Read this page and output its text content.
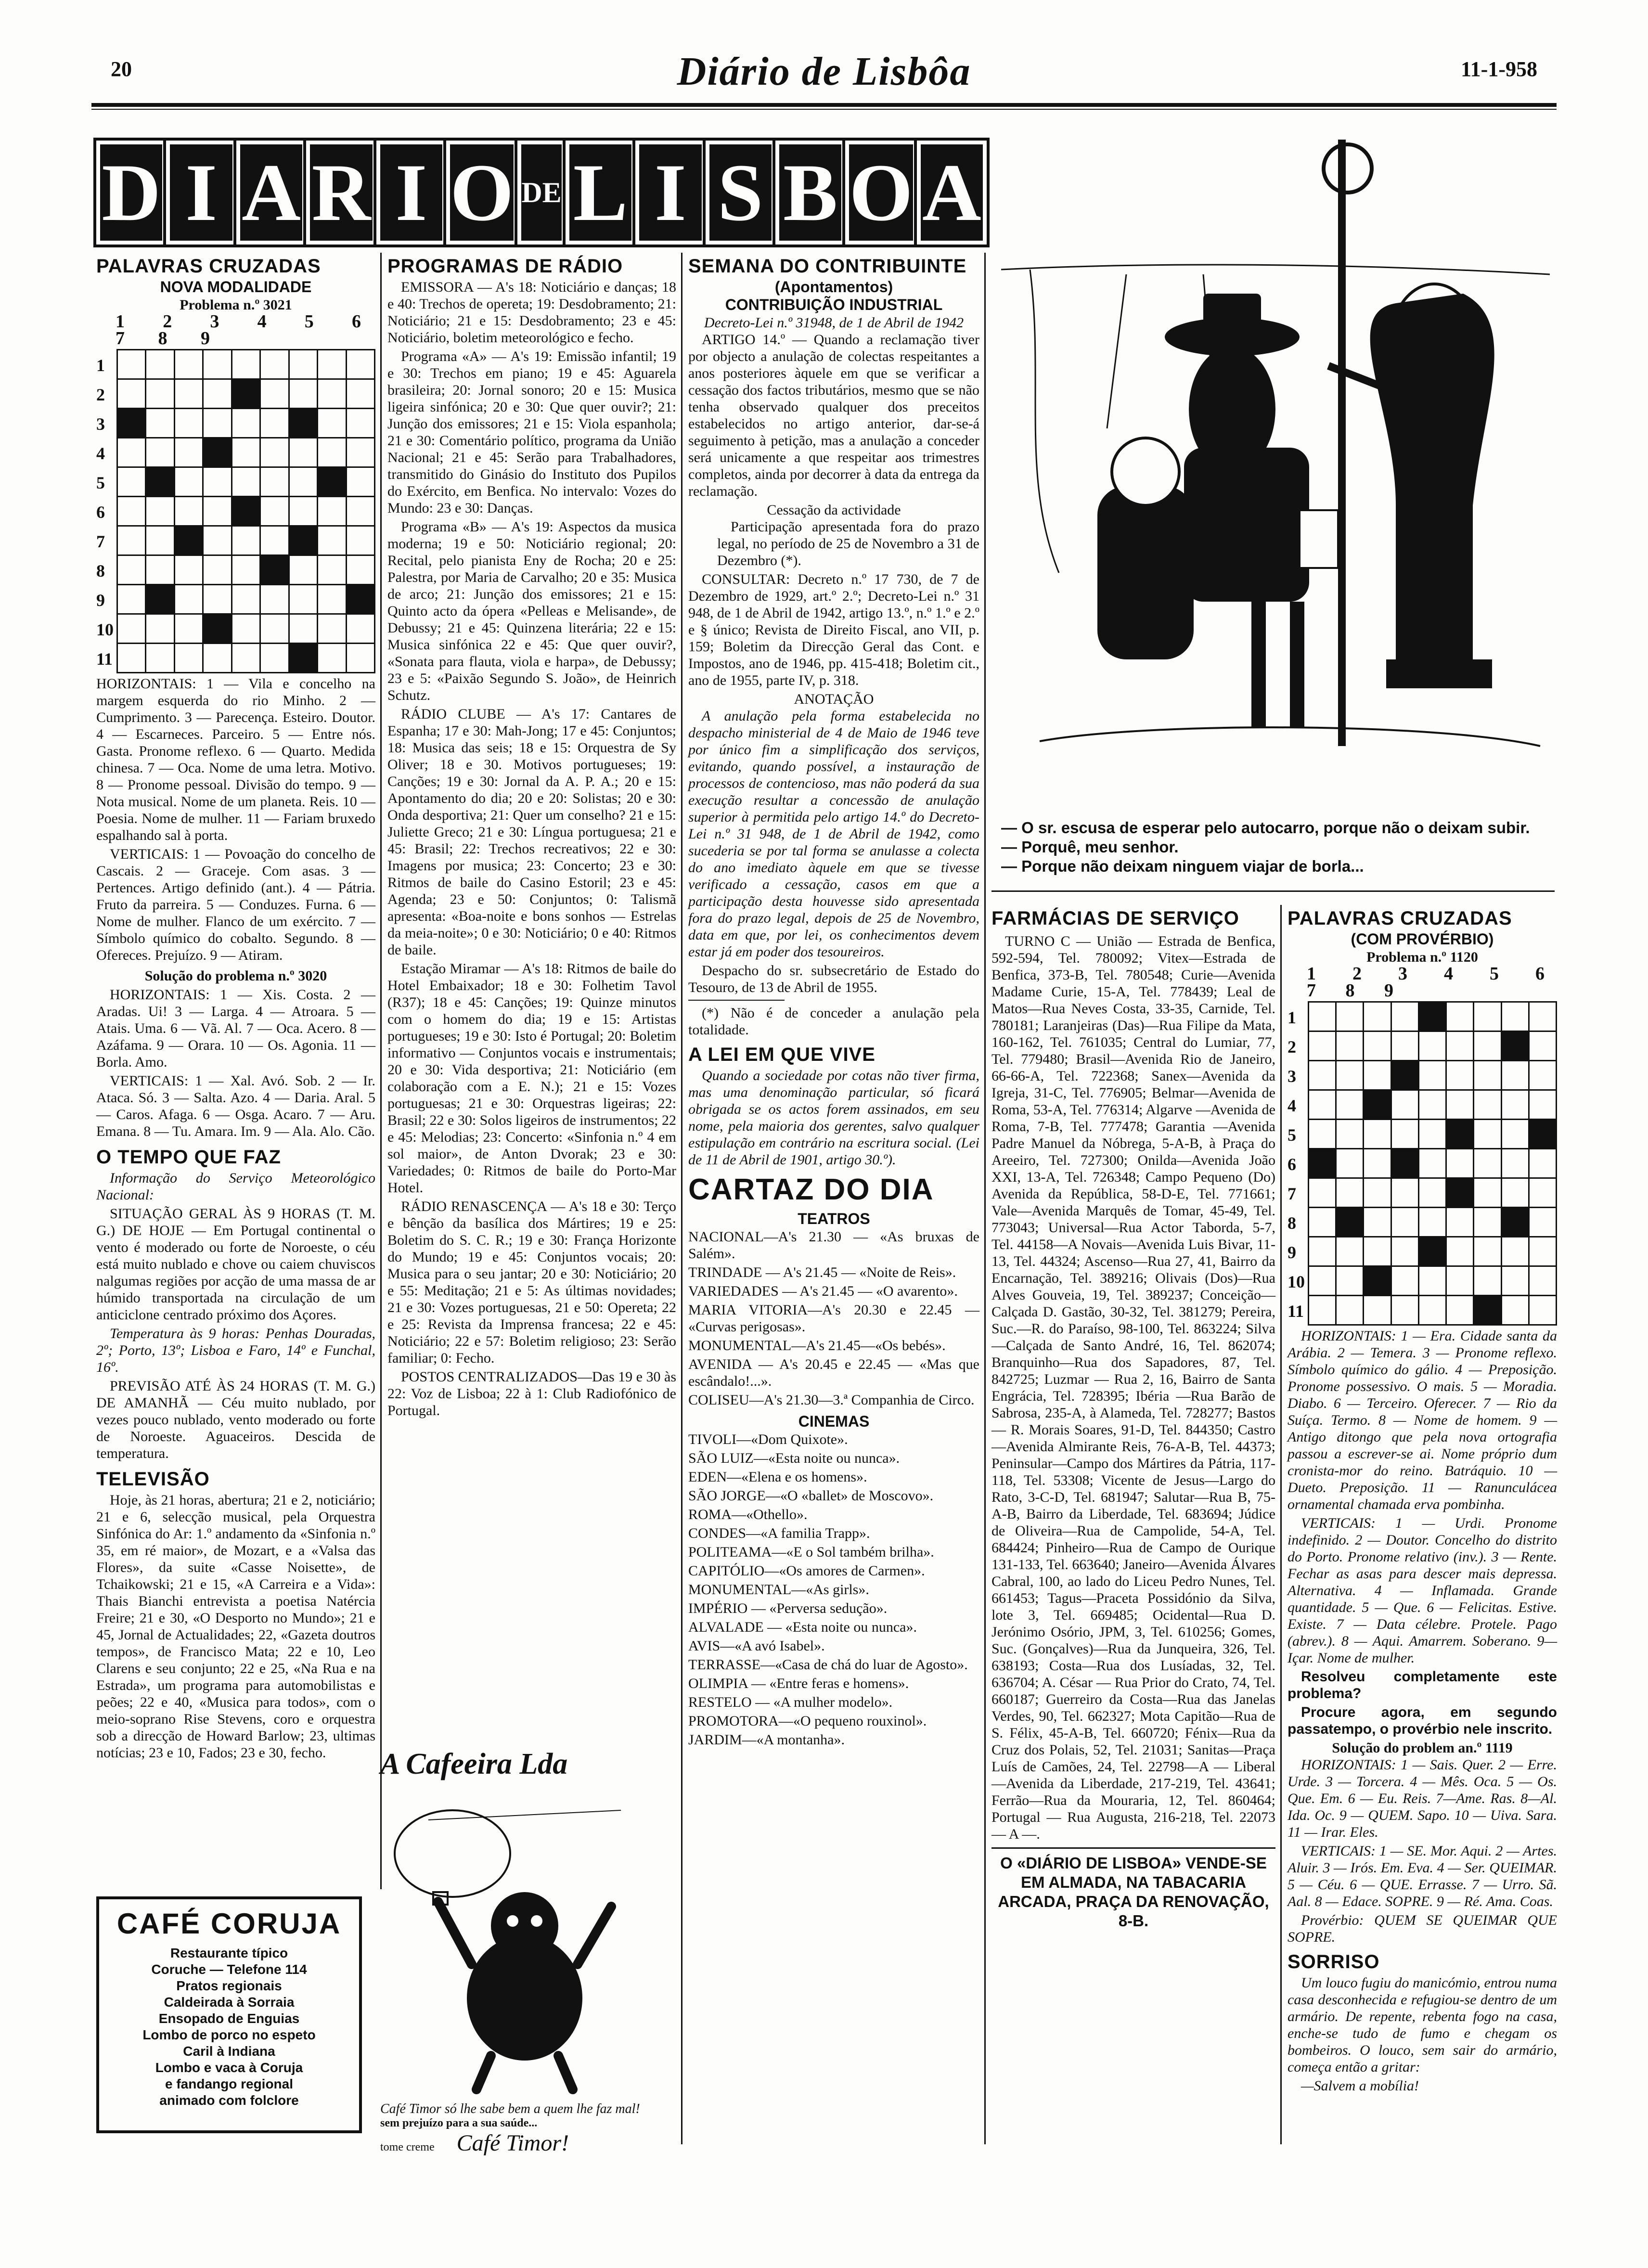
20	Diário de Lisbôa	11-1-958
D I A R I O DE L I S B O A
PALAVRAS CRUZADAS
NOVA MODALIDADE
Problema n.º 3021
1 2 3 4 5 6 7 8 9
1
2
3
4
5
6
7
8
9
10
11

HORIZONTAIS: 1 — Vila e concelho na margem esquerda do rio Minho. 2 — Cumprimento. 3 — Parecença. Esteiro. Doutor. 4 — Escarneces. Parceiro. 5 — Entre nós. Gasta. Pronome reflexo. 6 — Quarto. Medida chinesa. 7 — Oca. Nome de uma letra. Motivo. 8 — Pronome pessoal. Divisão do tempo. 9 — Nota musical. Nome de um planeta. Reis. 10 — Poesia. Nome de mulher. 11 — Fariam bruxedo espalhando sal à porta.

VERTICAIS: 1 — Povoação do concelho de Cascais. 2 — Graceje. Com asas. 3 — Pertences. Artigo definido (ant.). 4 — Pátria. Fruto da parreira. 5 — Conduzes. Furna. 6 — Nome de mulher. Flanco de um exército. 7 — Símbolo químico do cobalto. Segundo. 8 — Ofereces. Prejuízo. 9 — Atiram.

Solução do problema n.º 3020

HORIZONTAIS: 1 — Xis. Costa. 2 — Aradas. Ui! 3 — Larga. 4 — Atroara. 5 — Atais. Uma. 6 — Vã. Al. 7 — Oca. Acero. 8 — Azáfama. 9 — Orara. 10 — Os. Agonia. 11 — Borla. Amo.

VERTICAIS: 1 — Xal. Avó. Sob. 2 — Ir. Ataca. Só. 3 — Salta. Azo. 4 — Daria. Aral. 5 — Caros. Afaga. 6 — Osga. Acaro. 7 — Aru. Emana. 8 — Tu. Amara. Im. 9 — Ala. Alo. Cão.

O TEMPO QUE FAZ

Informação do Serviço Meteorológico Nacional:

SITUAÇÃO GERAL ÀS 9 HORAS (T. M. G.) DE HOJE — Em Portugal continental o vento é moderado ou forte de Noroeste, o céu está muito nublado e chove ou caiem chuviscos nalgumas regiões por acção de uma massa de ar húmido transportada na circulação de um anticiclone centrado próximo dos Açores.

Temperatura às 9 horas: Penhas Douradas, 2º; Porto, 13º; Lisboa e Faro, 14º e Funchal, 16º.

PREVISÃO ATÉ ÀS 24 HORAS (T. M. G.) DE AMANHÃ — Céu muito nublado, por vezes pouco nublado, vento moderado ou forte de Noroeste. Aguaceiros. Descida de temperatura.

TELEVISÃO

Hoje, às 21 horas, abertura; 21 e 2, noticiário; 21 e 6, selecção musical, pela Orquestra Sinfónica do Ar: 1.º andamento da «Sinfonia n.º 35, em ré maior», de Mozart, e a «Valsa das Flores», da suite «Casse Noisette», de Tchaikowski; 21 e 15, «A Carreira e a Vida»: Thais Bianchi entrevista a poetisa Natércia Freire; 21 e 30, «O Desporto no Mundo»; 21 e 45, Jornal de Actualidades; 22, «Gazeta doutros tempos», de Francisco Mata; 22 e 10, Leo Clarens e seu conjunto; 22 e 25, «Na Rua e na Estrada», um programa para automobilistas e peões; 22 e 40, «Musica para todos», com o meio-soprano Rise Stevens, coro e orquestra sob a direcção de Howard Barlow; 23, ultimas notícias; 23 e 10, Fados; 23 e 30, fecho.

CAFÉ CORUJA
Restaurante típico
Coruche — Telefone 114
Pratos regionais
Caldeirada à Sorraia
Ensopado de Enguias
Lombo de porco no espeto
Caril à Indiana
Lombo e vaca à Coruja
e fandango regional
animado com folclore
PROGRAMAS DE RÁDIO

EMISSORA — A's 18: Noticiário e danças; 18 e 40: Trechos de opereta; 19: Desdobramento; 21: Noticiário; 21 e 15: Desdobramento; 23 e 45: Noticiário, boletim meteorológico e fecho.

Programa «A» — A's 19: Emissão infantil; 19 e 30: Trechos em piano; 19 e 45: Aguarela brasileira; 20: Jornal sonoro; 20 e 15: Musica ligeira sinfónica; 20 e 30: Que quer ouvir?; 21: Junção dos emissores; 21 e 15: Viola espanhola; 21 e 30: Comentário político, programa da União Nacional; 21 e 45: Serão para Trabalhadores, transmitido do Ginásio do Instituto dos Pupilos do Exército, em Benfica. No intervalo: Vozes do Mundo: 23 e 30: Danças.

Programa «B» — A's 19: Aspectos da musica moderna; 19 e 50: Noticiário regional; 20: Recital, pelo pianista Eny de Rocha; 20 e 25: Palestra, por Maria de Carvalho; 20 e 35: Musica de arco; 21: Junção dos emissores; 21 e 15: Quinto acto da ópera «Pelleas e Melisande», de Debussy; 21 e 45: Quinzena literária; 22 e 15: Musica sinfónica 22 e 45: Que quer ouvir?, «Sonata para flauta, viola e harpa», de Debussy; 23 e 5: «Paixão Segundo S. João», de Heinrich Schutz.

RÁDIO CLUBE — A's 17: Cantares de Espanha; 17 e 30: Mah-Jong; 17 e 45: Conjuntos; 18: Musica das seis; 18 e 15: Orquestra de Sy Oliver; 18 e 30. Motivos portugueses; 19: Canções; 19 e 30: Jornal da A. P. A.; 20 e 15: Apontamento do dia; 20 e 20: Solistas; 20 e 30: Onda desportiva; 21: Quer um conselho? 21 e 15: Juliette Greco; 21 e 30: Língua portuguesa; 21 e 45: Brasil; 22: Trechos recreativos; 22 e 30: Imagens por musica; 23: Concerto; 23 e 30: Ritmos de baile do Casino Estoril; 23 e 45: Agenda; 23 e 50: Conjuntos; 0: Talismã apresenta: «Boa-noite e bons sonhos — Estrelas da meia-noite»; 0 e 30: Noticiário; 0 e 40: Ritmos de baile.

Estação Miramar — A's 18: Ritmos de baile do Hotel Embaixador; 18 e 30: Folhetim Tavol (R37); 18 e 45: Canções; 19: Quinze minutos com o homem do dia; 19 e 15: Artistas portugueses; 19 e 30: Isto é Portugal; 20: Boletim informativo — Conjuntos vocais e instrumentais; 20 e 30: Vida desportiva; 21: Noticiário (em colaboração com a E. N.); 21 e 15: Vozes portuguesas; 21 e 30: Orquestras ligeiras; 22: Brasil; 22 e 30: Solos ligeiros de instrumentos; 22 e 45: Melodias; 23: Concerto: «Sinfonia n.º 4 em sol maior», de Anton Dvorak; 23 e 30: Variedades; 0: Ritmos de baile do Porto-Mar Hotel.

RÁDIO RENASCENÇA — A's 18 e 30: Terço e bênção da basílica dos Mártires; 19 e 25: Boletim do S. C. R.; 19 e 30: França Horizonte do Mundo; 19 e 45: Conjuntos vocais; 20: Musica para o seu jantar; 20 e 30: Noticiário; 20 e 55: Meditação; 21 e 5: As últimas novidades; 21 e 30: Vozes portuguesas, 21 e 50: Opereta; 22 e 25: Revista da Imprensa francesa; 22 e 45: Noticiário; 22 e 57: Boletim religioso; 23: Serão familiar; 0: Fecho.

POSTOS CENTRALIZADOS—Das 19 e 30 às 22: Voz de Lisboa; 22 à 1: Club Radiofónico de Portugal.

A Cafeeira Lda
Café Timor só lhe sabe bem a quem lhe faz mal!
sem prejuízo para a sua saúde...
tome creme Café Timor!
SEMANA DO CONTRIBUINTE
(Apontamentos)
CONTRIBUIÇÃO INDUSTRIAL
Decreto-Lei n.º 31948, de 1 de Abril de 1942

ARTIGO 14.º — Quando a reclamação tiver por objecto a anulação de colectas respeitantes a anos posteriores àquele em que se verificar a cessação dos factos tributários, mesmo que se não tenha observado qualquer dos preceitos estabelecidos no artigo anterior, dar-se-á seguimento à petição, mas a anulação a conceder será unicamente a que respeitar aos trimestres completos, ainda por decorrer à data da entrega da reclamação.

Cessação da actividade

Participação apresentada fora do prazo legal, no período de 25 de Novembro a 31 de Dezembro (*).

CONSULTAR: Decreto n.º 17 730, de 7 de Dezembro de 1929, art.º 2.º; Decreto-Lei n.º 31 948, de 1 de Abril de 1942, artigo 13.º, n.º 1.º e 2.º e § único; Revista de Direito Fiscal, ano VII, p. 159; Boletim da Direcção Geral das Cont. e Impostos, ano de 1946, pp. 415-418; Boletim cit., ano de 1955, parte IV, p. 318.

ANOTAÇÃO

A anulação pela forma estabelecida no despacho ministerial de 4 de Maio de 1946 teve por único fim a simplificação dos serviços, evitando, quando possível, a instauração de processos de contencioso, mas não poderá da sua execução resultar a concessão de anulação superior à permitida pelo artigo 14.º do Decreto-Lei n.º 31 948, de 1 de Abril de 1942, como sucederia se por tal forma se anulasse a colecta do ano imediato àquele em que se tivesse verificado a cessação, casos em que a participação desta houvesse sido apresentada fora do prazo legal, depois de 25 de Novembro, data em que, por lei, os conhecimentos devem estar já em poder dos tesoureiros.

Despacho do sr. subsecretário de Estado do Tesouro, de 13 de Abril de 1955.

(*) Não é de conceder a anulação pela totalidade.

A LEI EM QUE VIVE

Quando a sociedade por cotas não tiver firma, mas uma denominação particular, só ficará obrigada se os actos forem assinados, em seu nome, pela maioria dos gerentes, salvo qualquer estipulação em contrário na escritura social. (Lei de 11 de Abril de 1901, artigo 30.º).

CARTAZ DO DIA
TEATROS

NACIONAL—A's 21.30 — «As bruxas de Salém».

TRINDADE — A's 21.45 — «Noite de Reis».

VARIEDADES — A's 21.45 — «O avarento».

MARIA VITORIA—A's 20.30 e 22.45 — «Curvas perigosas».

MONUMENTAL—A's 21.45—«Os bebés».

AVENIDA — A's 20.45 e 22.45 — «Mas que escândalo!...».

COLISEU—A's 21.30—3.ª Companhia de Circo.

CINEMAS

TIVOLI—«Dom Quixote».

SÃO LUIZ—«Esta noite ou nunca».

EDEN—«Elena e os homens».

SÃO JORGE—«O «ballet» de Moscovo».

ROMA—«Othello».

CONDES—«A familia Trapp».

POLITEAMA—«E o Sol também brilha».

CAPITÓLIO—«Os amores de Carmen».

MONUMENTAL—«As girls».

IMPÉRIO — «Perversa sedução».

ALVALADE — «Esta noite ou nunca».

AVIS—«A avó Isabel».

TERRASSE—«Casa de chá do luar de Agosto».

OLIMPIA — «Entre feras e homens».

RESTELO — «A mulher modelo».

PROMOTORA—«O pequeno rouxinol».

JARDIM—«A montanha».

— O sr. escusa de esperar pelo autocarro, porque não o deixam subir.
— Porquê, meu senhor.
— Porque não deixam ninguem viajar de borla...
FARMÁCIAS DE SERVIÇO

TURNO C — União — Estrada de Benfica, 592-594, Tel. 780092; Vitex—Estrada de Benfica, 373-B, Tel. 780548; Curie—Avenida Madame Curie, 15-A, Tel. 778439; Leal de Matos—Rua Neves Costa, 33-35, Carnide, Tel. 780181; Laranjeiras (Das)—Rua Filipe da Mata, 160-162, Tel. 761035; Central do Lumiar, 77, Tel. 779480; Brasil—Avenida Rio de Janeiro, 66-66-A, Tel. 722368; Sanex—Avenida da Igreja, 31-C, Tel. 776905; Belmar—Avenida de Roma, 53-A, Tel. 776314; Algarve —Avenida de Roma, 7-B, Tel. 777478; Garantia —Avenida Padre Manuel da Nóbrega, 5-A-B, à Praça do Areeiro, Tel. 727300; Onilda—Avenida João XXI, 13-A, Tel. 726348; Campo Pequeno (Do) Avenida da República, 58-D-E, Tel. 771661; Vale—Avenida Marquês de Tomar, 45-49, Tel. 773043; Universal—Rua Actor Taborda, 5-7, Tel. 44158—A Novais—Avenida Luis Bivar, 11-13, Tel. 44324; Ascenso—Rua 27, 41, Bairro da Encarnação, Tel. 389216; Olivais (Dos)—Rua Alves Gouveia, 19, Tel. 389237; Conceição—Calçada D. Gastão, 30-32, Tel. 381279; Pereira, Suc.—R. do Paraíso, 98-100, Tel. 863224; Silva—Calçada de Santo André, 16, Tel. 862074; Branquinho—Rua dos Sapadores, 87, Tel. 842725; Luzmar — Rua 2, 16, Bairro de Santa Engrácia, Tel. 728395; Ibéria —Rua Barão de Sabrosa, 235-A, à Alameda, Tel. 728277; Bastos — R. Morais Soares, 91-D, Tel. 844350; Castro—Avenida Almirante Reis, 76-A-B, Tel. 44373; Peninsular—Campo dos Mártires da Pátria, 117-118, Tel. 53308; Vicente de Jesus—Largo do Rato, 3-C-D, Tel. 681947; Salutar—Rua B, 75-A-B, Bairro da Liberdade, Tel. 683694; Júdice de Oliveira—Rua de Campolide, 54-A, Tel. 684424; Pinheiro—Rua de Campo de Ourique 131-133, Tel. 663640; Janeiro—Avenida Álvares Cabral, 100, ao lado do Liceu Pedro Nunes, Tel. 661453; Tagus—Praceta Possidónio da Silva, lote 3, Tel. 669485; Ocidental—Rua D. Jerónimo Osório, JPM, 3, Tel. 610256; Gomes, Suc. (Gonçalves)—Rua da Junqueira, 326, Tel. 638193; Costa—Rua dos Lusíadas, 32, Tel. 636704; A. César — Rua Prior do Crato, 74, Tel. 660187; Guerreiro da Costa—Rua das Janelas Verdes, 90, Tel. 662327; Mota Capitão—Rua de S. Félix, 45-A-B, Tel. 660720; Fénix—Rua da Cruz dos Polais, 52, Tel. 21031; Sanitas—Praça Luís de Camões, 24, Tel. 22798—A — Liberal—Avenida da Liberdade, 217-219, Tel. 43641; Ferrão—Rua da Mouraria, 12, Tel. 860464; Portugal — Rua Augusta, 216-218, Tel. 22073 — A —.

O «DIÁRIO DE LISBOA» VENDE-SE EM ALMADA, NA TABACARIA ARCADA, PRAÇA DA RENOVAÇÃO, 8-B.

PALAVRAS CRUZADAS
(COM PROVÉRBIO)
Problema n.º 1120
1 2 3 4 5 6 7 8 9
1
2
3
4
5
6
7
8
9
10
11

HORIZONTAIS: 1 — Era. Cidade santa da Arábia. 2 — Temera. 3 — Pronome reflexo. Símbolo químico do gálio. 4 — Preposição. Pronome possessivo. O mais. 5 — Moradia. Diabo. 6 — Terceiro. Oferecer. 7 — Rio da Suíça. Termo. 8 — Nome de homem. 9 — Antigo ditongo que pela nova ortografia passou a escrever-se ai. Nome próprio dum cronista-mor do reino. Batráquio. 10 — Dueto. Preposição. 11 — Ranunculácea ornamental chamada erva pombinha.

VERTICAIS: 1 — Urdi. Pronome indefinido. 2 — Doutor. Concelho do distrito do Porto. Pronome relativo (inv.). 3 — Rente. Fechar as asas para descer mais depressa. Alternativa. 4 — Inflamada. Grande quantidade. 5 — Que. 6 — Felicitas. Estive. Existe. 7 — Data célebre. Protele. Pago (abrev.). 8 — Aqui. Amarrem. Soberano. 9—Içar. Nome de mulher.

Resolveu completamente este problema?

Procure agora, em segundo passatempo, o provérbio nele inscrito.

Solução do problem an.º 1119

HORIZONTAIS: 1 — Sais. Quer. 2 — Erre. Urde. 3 — Torcera. 4 — Mês. Oca. 5 — Os. Que. Em. 6 — Eu. Reis. 7—Ame. Ras. 8—Al. Ida. Oc. 9 — QUEM. Sapo. 10 — Uiva. Sara. 11 — Irar. Eles.

VERTICAIS: 1 — SE. Mor. Aqui. 2 — Artes. Aluir. 3 — Irós. Em. Eva. 4 — Ser. QUEIMAR. 5 — Céu. 6 — QUE. Errasse. 7 — Urro. Sã. Aal. 8 — Edace. SOPRE. 9 — Ré. Ama. Coas.

Provérbio: QUEM SE QUEIMAR QUE SOPRE.

SORRISO

Um louco fugiu do manicómio, entrou numa casa desconhecida e refugiou-se dentro de um armário. De repente, rebenta fogo na casa, enche-se tudo de fumo e chegam os bombeiros. O louco, sem sair do armário, começa então a gritar:

—Salvem a mobília!
